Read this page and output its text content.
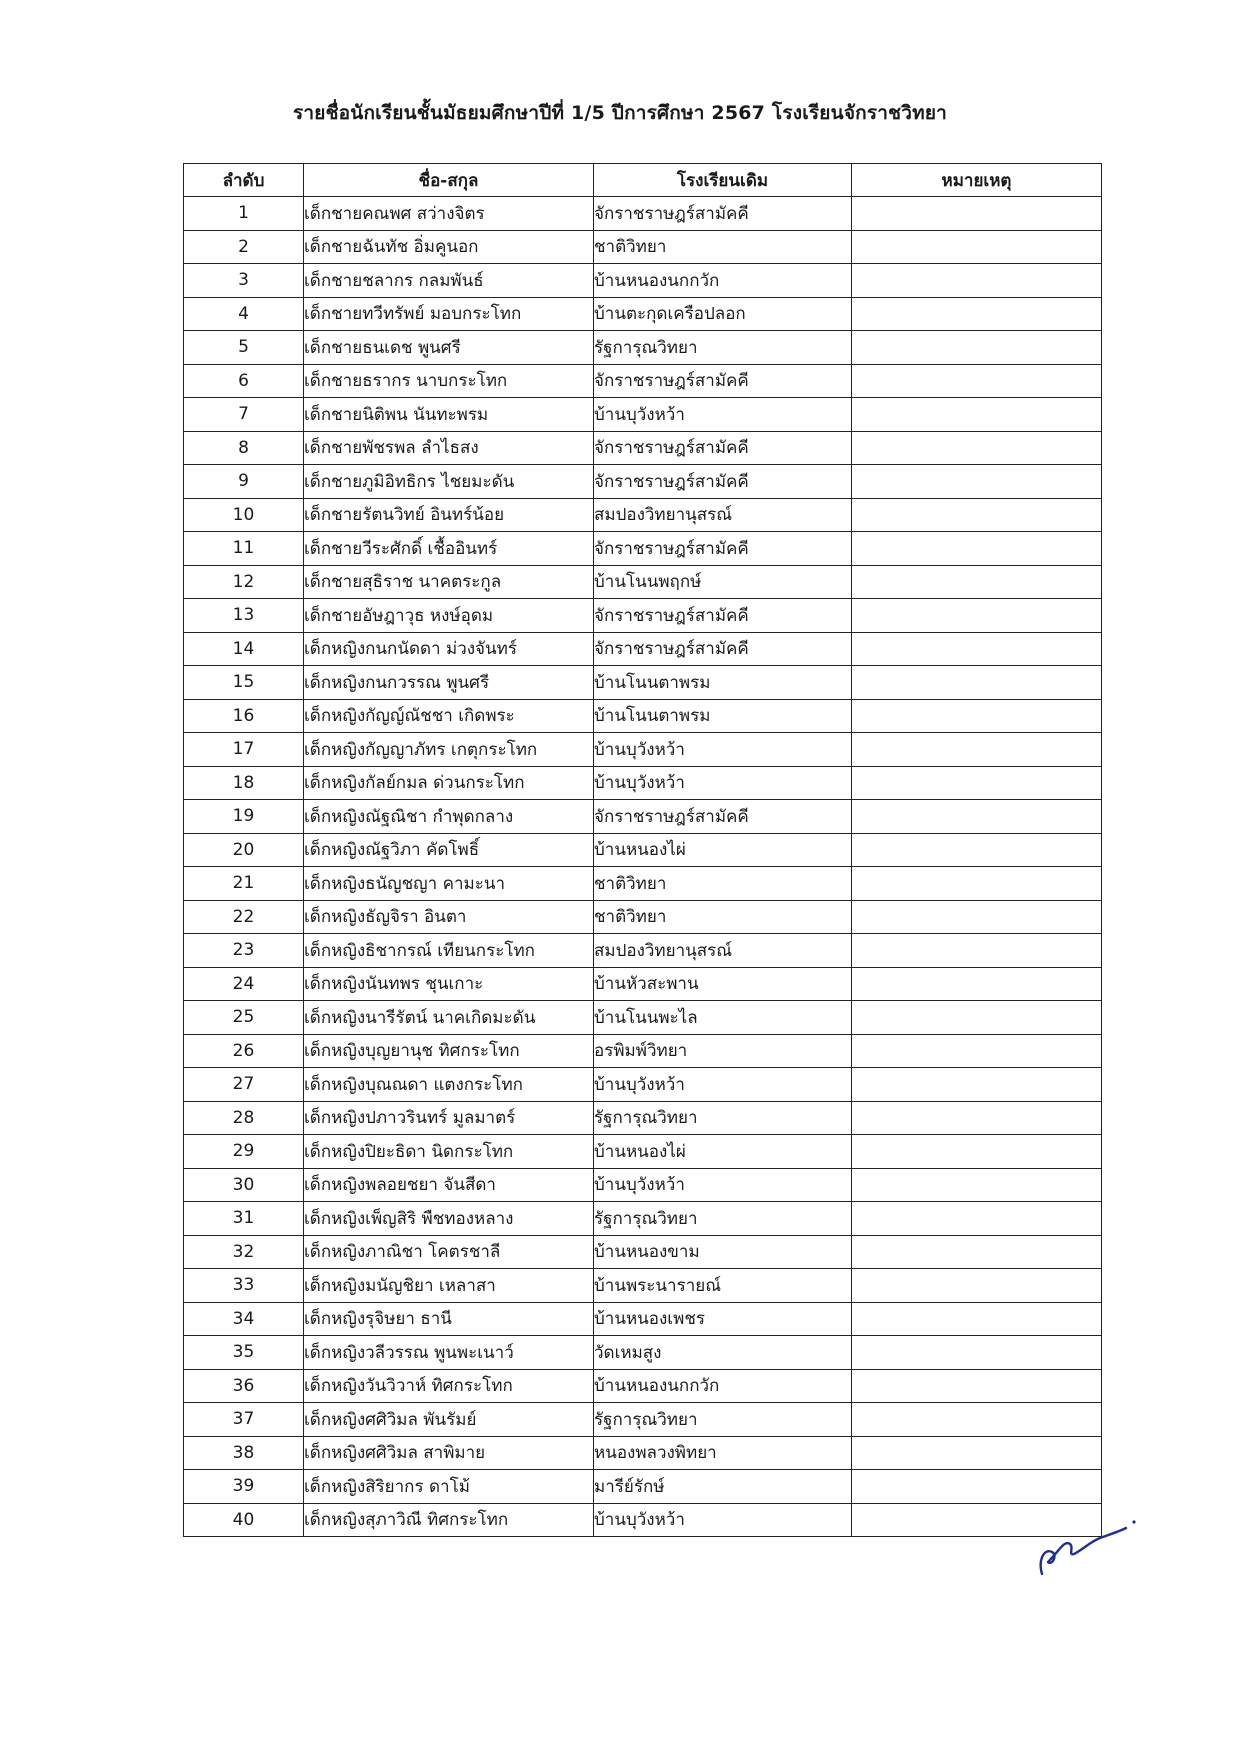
รายชื่อนักเรียนชั้นมัธยมศึกษาปีที่ 1/5 ปีการศึกษา 2567 โรงเรียนจักราชวิทยา
ลำดับ	ชื่อ-สกุล	โรงเรียนเดิม	หมายเหตุ
1	เด็กชายคณพศ สว่างจิตร	จักราชราษฎร์สามัคคี	
2	เด็กชายฉันทัช อิ่มคูนอก	ชาติวิทยา	
3	เด็กชายชลากร กลมพันธ์	บ้านหนองนกกวัก	
4	เด็กชายทวีทรัพย์ มอบกระโทก	บ้านตะกุดเครือปลอก	
5	เด็กชายธนเดช พูนศรี	รัฐการุณวิทยา	
6	เด็กชายธรากร นาบกระโทก	จักราชราษฎร์สามัคคี	
7	เด็กชายนิติพน นันทะพรม	บ้านบุวังหว้า	
8	เด็กชายพัชรพล ลำไธสง	จักราชราษฎร์สามัคคี	
9	เด็กชายภูมิอิทธิกร ไชยมะดัน	จักราชราษฎร์สามัคคี	
10	เด็กชายรัตนวิทย์ อินทร์น้อย	สมปองวิทยานุสรณ์	
11	เด็กชายวีระศักดิ์ เชื้ออินทร์	จักราชราษฎร์สามัคคี	
12	เด็กชายสุธิราช นาคตระกูล	บ้านโนนพฤกษ์	
13	เด็กชายอัษฎาวุธ หงษ์อุดม	จักราชราษฎร์สามัคคี	
14	เด็กหญิงกนกนัดดา ม่วงจันทร์	จักราชราษฎร์สามัคคี	
15	เด็กหญิงกนกวรรณ พูนศรี	บ้านโนนตาพรม	
16	เด็กหญิงกัญญ์ณัชชา เกิดพระ	บ้านโนนตาพรม	
17	เด็กหญิงกัญญาภัทร เกตุกระโทก	บ้านบุวังหว้า	
18	เด็กหญิงกัลย์กมล ด่วนกระโทก	บ้านบุวังหว้า	
19	เด็กหญิงณัฐณิชา กำพุดกลาง	จักราชราษฎร์สามัคคี	
20	เด็กหญิงณัฐวิภา คัดโพธิ์	บ้านหนองไผ่	
21	เด็กหญิงธนัญชญา คามะนา	ชาติวิทยา	
22	เด็กหญิงธัญจิรา อินตา	ชาติวิทยา	
23	เด็กหญิงธิชากรณ์ เทียนกระโทก	สมปองวิทยานุสรณ์	
24	เด็กหญิงนันทพร ชุนเกาะ	บ้านหัวสะพาน	
25	เด็กหญิงนารีรัตน์ นาคเกิดมะดัน	บ้านโนนพะไล	
26	เด็กหญิงบุญยานุช ทิศกระโทก	อรพิมพ์วิทยา	
27	เด็กหญิงบุณณดา แตงกระโทก	บ้านบุวังหว้า	
28	เด็กหญิงปภาวรินทร์ มูลมาตร์	รัฐการุณวิทยา	
29	เด็กหญิงปิยะธิดา นิดกระโทก	บ้านหนองไผ่	
30	เด็กหญิงพลอยชยา จันสีดา	บ้านบุวังหว้า	
31	เด็กหญิงเพ็ญสิริ พืชทองหลาง	รัฐการุณวิทยา	
32	เด็กหญิงภาณิชา โคตรชาลี	บ้านหนองขาม	
33	เด็กหญิงมนัญชิยา เหลาสา	บ้านพระนารายณ์	
34	เด็กหญิงรุจิษยา ธานี	บ้านหนองเพชร	
35	เด็กหญิงวลีวรรณ พูนพะเนาว์	วัดเหมสูง	
36	เด็กหญิงวันวิวาห์ ทิศกระโทก	บ้านหนองนกกวัก	
37	เด็กหญิงศศิวิมล พันรัมย์	รัฐการุณวิทยา	
38	เด็กหญิงศศิวิมล สาพิมาย	หนองพลวงพิทยา	
39	เด็กหญิงสิริยากร ดาโม้	มารีย์รักษ์	
40	เด็กหญิงสุภาวิณี ทิศกระโทก	บ้านบุวังหว้า	
